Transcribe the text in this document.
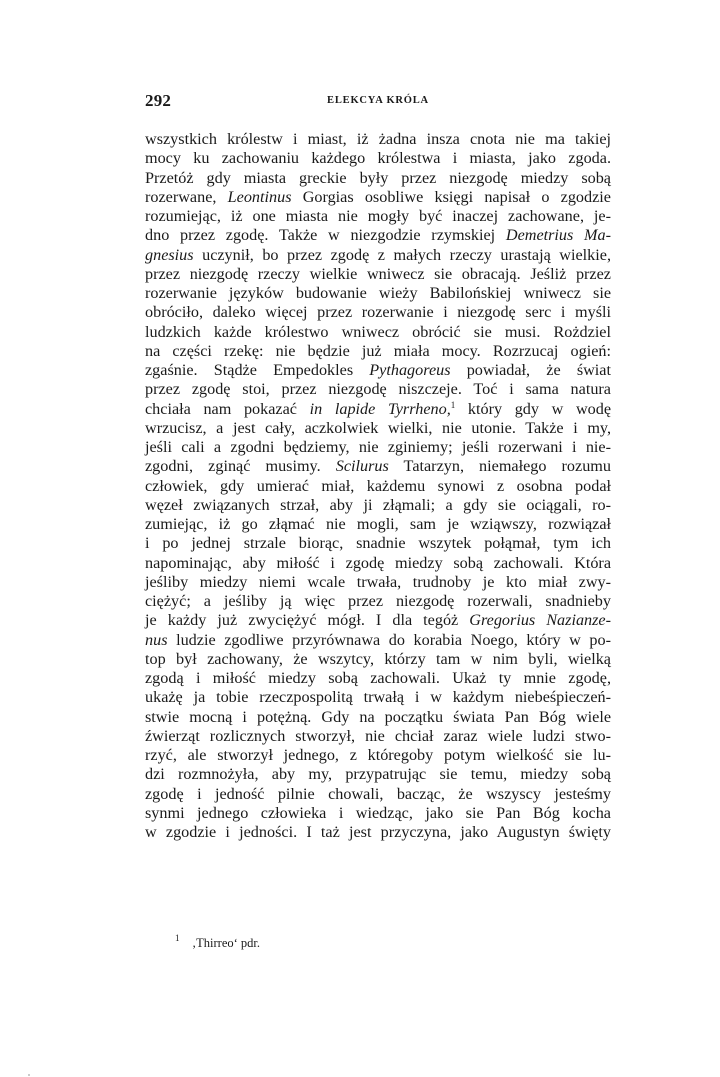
292	ELEKCYA KRÓLA
wszystkich królestw i miast, iż żadna insza cnota nie ma takiej
mocy ku zachowaniu każdego królestwa i miasta, jako zgoda.
Przetóż gdy miasta greckie były przez niezgodę miedzy sobą
rozerwane, Leontinus Gorgias osobliwe księgi napisał o zgodzie
rozumiejąc, iż one miasta nie mogły być inaczej zachowane, je-
dno przez zgodę. Także w niezgodzie rzymskiej Demetrius Ma-
gnesius uczynił, bo przez zgodę z małych rzeczy urastają wielkie,
przez niezgodę rzeczy wielkie wniwecz sie obracają. Jeśliż przez
rozerwanie języków budowanie wieży Babilońskiej wniwecz sie
obróciło, daleko więcej przez rozerwanie i niezgodę serc i myśli
ludzkich każde królestwo wniwecz obrócić sie musi. Rożdziel
na części rzekę: nie będzie już miała mocy. Rozrzucaj ogień:
zgaśnie. Stądże Empedokles Pythagoreus powiadał, że świat
przez zgodę stoi, przez niezgodę niszczeje. Toć i sama natura
chciała nam pokazać in lapide Tyrrheno,$^1$ który gdy w wodę
wrzucisz, a jest cały, aczkolwiek wielki, nie utonie. Także i my,
jeśli cali a zgodni będziemy, nie zginiemy; jeśli rozerwani i nie-
zgodni, zginąć musimy. Scilurus Tatarzyn, niemałego rozumu
człowiek, gdy umierać miał, każdemu synowi z osobna podał
węzeł związanych strzał, aby ji złąmali; a gdy sie ociągali, ro-
zumiejąc, iż go złąmać nie mogli, sam je wziąwszy, rozwiązał
i po jednej strzale biorąc, snadnie wszytek połąmał, tym ich
napominając, aby miłość i zgodę miedzy sobą zachowali. Która
jeśliby miedzy niemi wcale trwała, trudnoby je kto miał zwy-
ciężyć; a jeśliby ją więc przez niezgodę rozerwali, snadnieby
je każdy już zwyciężyć mógł. I dla tegóż Gregorius Nazianze-
nus ludzie zgodliwe przyrównawa do korabia Noego, który w po-
top był zachowany, że wszytcy, którzy tam w nim byli, wielką
zgodą i miłość miedzy sobą zachowali. Ukaż ty mnie zgodę,
ukażę ja tobie rzeczpospolitą trwałą i w każdym niebeśpieczeń-
stwie mocną i potężną. Gdy na początku świata Pan Bóg wiele
źwierząt rozlicznych stworzył, nie chciał zaraz wiele ludzi stwo-
rzyć, ale stworzył jednego, z któregoby potym wielkość sie lu-
dzi rozmnożyła, aby my, przypatrując sie temu, miedzy sobą
zgodę i jedność pilnie chowali, bacząc, że wszyscy jesteśmy
synmi jednego człowieka i wiedząc, jako sie Pan Bóg kocha
w zgodzie i jedności. I taż jest przyczyna, jako Augustyn święty
$^1$ ‚Thirreo‘ pdr.
